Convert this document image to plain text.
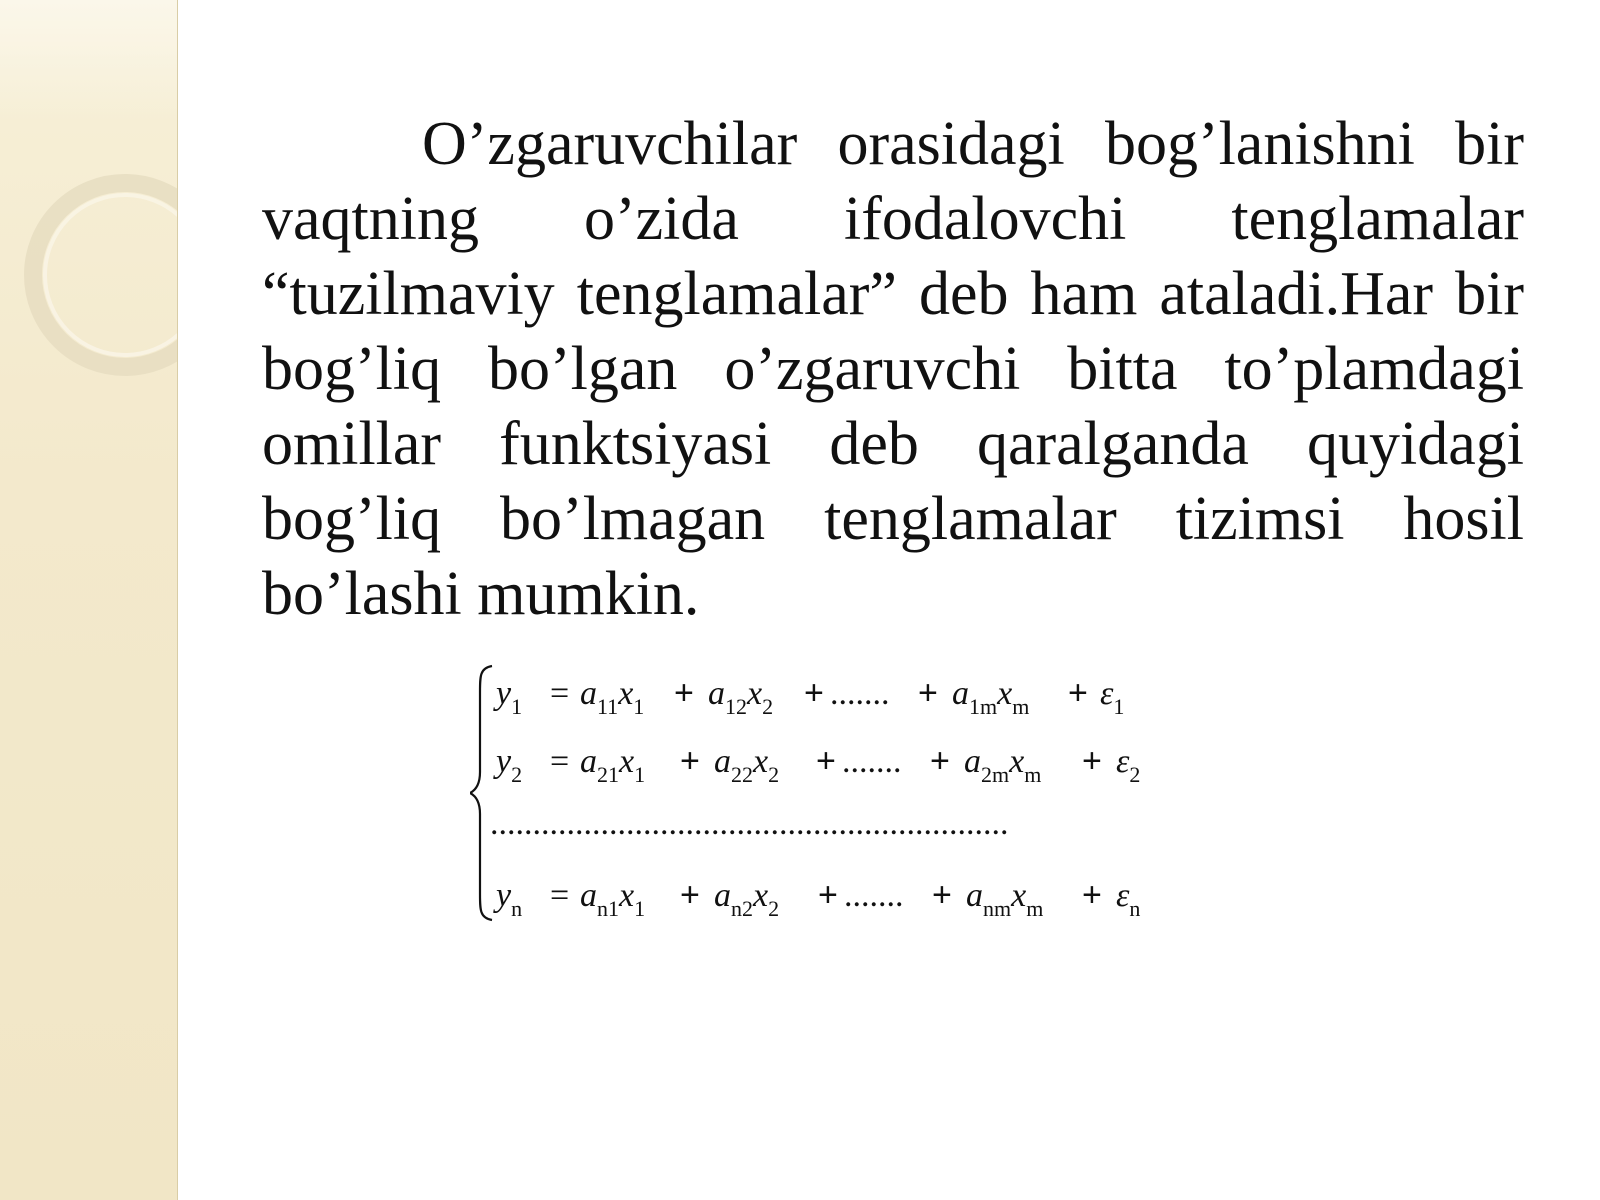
O’zgaruvchilar orasidagi bog’lanishni bir vaqtning o’zida ifodalovchi tenglamalar “tuzilmaviy tenglamalar” deb ham ataladi.Har bir bog’liq bo’lgan o’zgaruvchi bitta to’plamdagi omillar funktsiyasi deb qaralganda quyidagi bog’liq bo’lmagan tenglamalar tizimsi hosil bo’lashi mumkin.

$y_1 = a_{11}x_1 + a_{12}x_2$ + ....... + $a_{1m}x_m + \varepsilon_1$
$y_2 = a_{21}x_1 + a_{22}x_2$ + ....... + $a_{2m}x_m + \varepsilon_2$
.............................................................
$y_n = a_{n1}x_1 + a_{n2}x_2$ + ....... + $a_{nm}x_m + \varepsilon_n$
